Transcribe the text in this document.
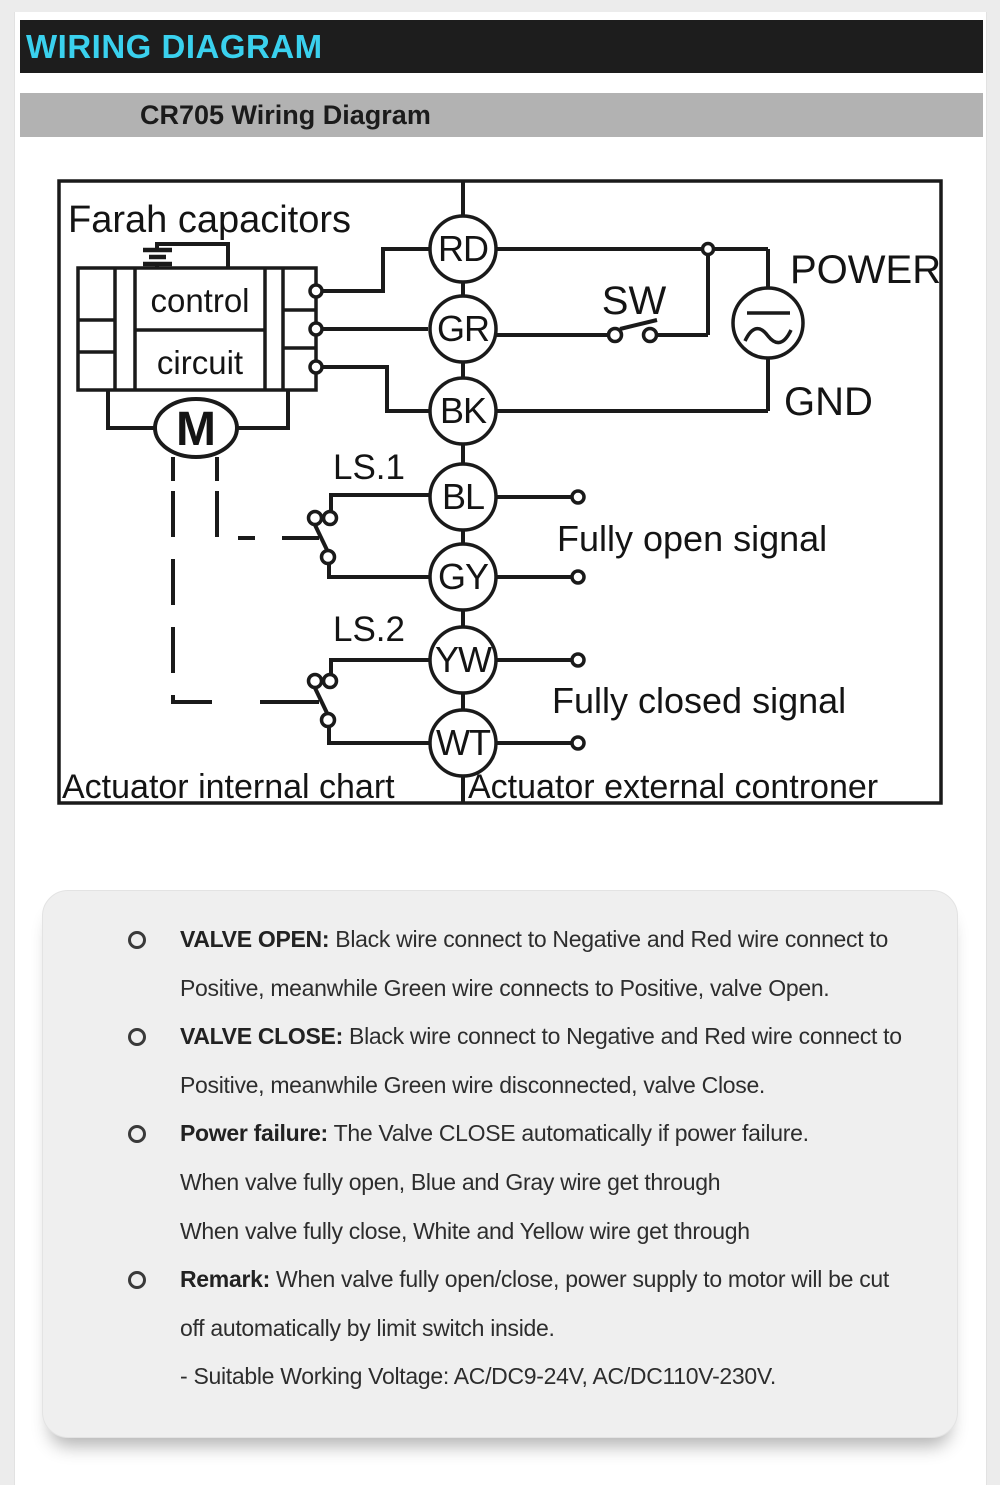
WIRING DIAGRAM
CR705 Wiring Diagram
RD
GR
BK
BL
GY
YW
WT
M
Farah capacitors
control
circuit
SW
POWER
GND
LS.1
LS.2
Fully open signal
Fully closed signal
Actuator internal chart Actuator external controner
VALVE OPEN: Black wire connect to Negative and Red wire connect to
Positive, meanwhile Green wire connects to Positive, valve Open.
VALVE CLOSE: Black wire connect to Negative and Red wire connect to
Positive, meanwhile Green wire disconnected, valve Close.
Power failure: The Valve CLOSE automatically if power failure.
When valve fully open, Blue and Gray wire get through
When valve fully close, White and Yellow wire get through
Remark: When valve fully open/close, power supply to motor will be cut
off automatically by limit switch inside.
- Suitable Working Voltage: AC/DC9-24V, AC/DC110V-230V.
